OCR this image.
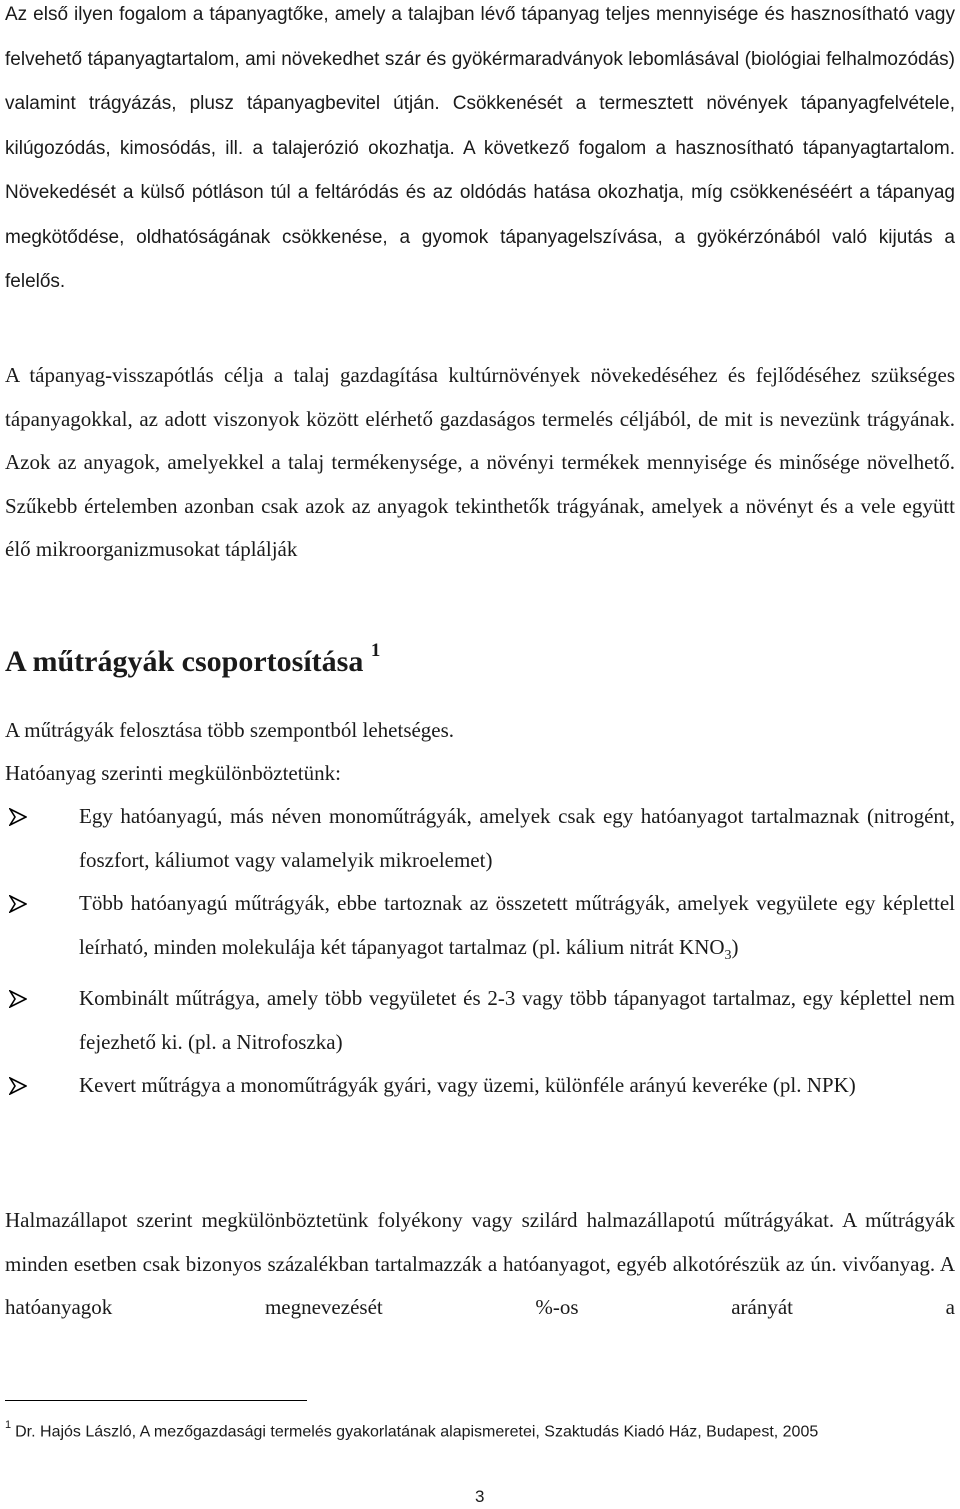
Az első ilyen fogalom a tápanyagtőke, amely a talajban lévő tápanyag teljes mennyisége és hasznosítható vagy felvehető tápanyagtartalom, ami növekedhet szár és gyökérmaradványok lebomlásával (biológiai felhalmozódás) valamint trágyázás, plusz tápanyagbevitel útján. Csökkenését a termesztett növények tápanyagfelvétele, kilúgozódás, kimosódás, ill. a talajerózió okozhatja. A következő fogalom a hasznosítható tápanyagtartalom. Növekedését a külső pótláson túl a feltáródás és az oldódás hatása okozhatja, míg csökkenéséért a tápanyag megkötődése, oldhatóságának csökkenése, a gyomok tápanyagelszívása, a gyökérzónából való kijutás a felelős.

A tápanyag-visszapótlás célja a talaj gazdagítása kultúrnövények növekedéséhez és fejlődéséhez szükséges tápanyagokkal, az adott viszonyok között elérhető gazdaságos termelés céljából, de mit is nevezünk trágyának. Azok az anyagok, amelyekkel a talaj termékenysége, a növényi termékek mennyisége és minősége növelhető. Szűkebb értelemben azonban csak azok az anyagok tekinthetők trágyának, amelyek a növényt és a vele együtt élő mikroorganizmusokat táplálják

A műtrágyák csoportosítása $^1$

A műtrágyák felosztása több szempontból lehetséges.

Hatóanyag szerinti megkülönböztetünk:

Egy hatóanyagú, más néven monoműtrágyák, amelyek csak egy hatóanyagot tartalmaznak (nitrogént, foszfort, káliumot vagy valamelyik mikroelemet)
Több hatóanyagú műtrágyák, ebbe tartoznak az összetett műtrágyák, amelyek vegyülete egy képlettel leírható, minden molekulája két tápanyagot tartalmaz (pl. kálium nitrát $KNO_3$)
Kombinált műtrágya, amely több vegyületet és 2-3 vagy több tápanyagot tartalmaz, egy képlettel nem fejezhető ki. (pl. a Nitrofoszka)
Kevert műtrágya a monoműtrágyák gyári, vagy üzemi, különféle arányú keveréke (pl. NPK)

Halmazállapot szerint megkülönböztetünk folyékony vagy szilárd halmazállapotú műtrágyákat. A műtrágyák minden esetben csak bizonyos százalékban tartalmazzák a hatóanyagot, egyéb alkotórészük az ún. vivőanyag. A hatóanyagok megnevezését %-os arányát a

$^1$ Dr. Hajós László, A mezőgazdasági termelés gyakorlatának alapismeretei, Szaktudás Kiadó Ház, Budapest, 2005

3
